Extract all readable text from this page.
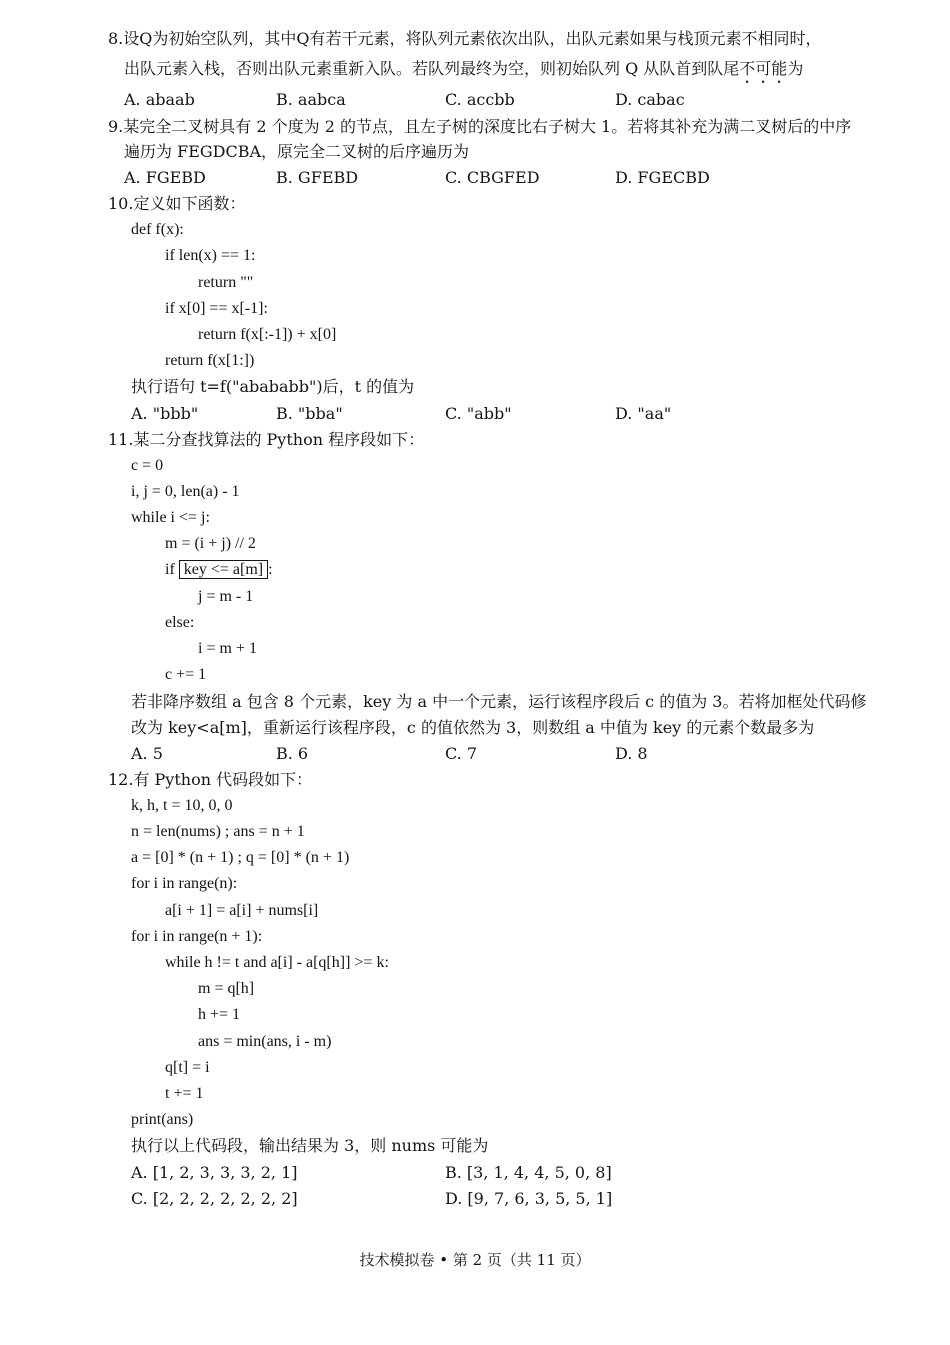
8.设Q为初始空队列，其中Q有若干元素，将队列元素依次出队，出队元素如果与栈顶元素不相同时，
出队元素入栈，否则出队元素重新入队。若队列最终为空，则初始队列 Q 从队首到队尾不可能为
A. abaab	B. aabca	C. accbb	D. cabac
9.某完全二叉树具有 2 个度为 2 的节点，且左子树的深度比右子树大 1。若将其补充为满二叉树后的中序
遍历为 FEGDCBA，原完全二叉树的后序遍历为
A. FGEBD	B. GFEBD	C. CBGFED	D. FGECBD
10.定义如下函数：
def f(x):
if len(x) == 1:
return ""
if x[0] == x[-1]:
return f(x[:-1]) + x[0]
return f(x[1:])
执行语句 t=f("abababb")后，t 的值为
A. "bbb"	B. "bba"	C. "abb"	D. "aa"
11.某二分查找算法的 Python 程序段如下：
c = 0
i, j = 0, len(a) - 1
while i <= j:
m = (i + j) // 2
if key <= a[m] :
j = m - 1
else:
i = m + 1
c += 1
若非降序数组 a 包含 8 个元素，key 为 a 中一个元素，运行该程序段后 c 的值为 3。若将加框处代码修
改为 key<a[m]，重新运行该程序段，c 的值依然为 3，则数组 a 中值为 key 的元素个数最多为
A. 5	B. 6	C. 7	D. 8
12.有 Python 代码段如下：
k, h, t = 10, 0, 0
n = len(nums) ; ans = n + 1
a = [0] * (n + 1) ; q = [0] * (n + 1)
for i in range(n):
a[i + 1] = a[i] + nums[i]
for i in range(n + 1):
while h != t and a[i] - a[q[h]] >= k:
m = q[h]
h += 1
ans = min(ans, i - m)
q[t] = i
t += 1
print(ans)
执行以上代码段，输出结果为 3，则 nums 可能为
A. [1, 2, 3, 3, 3, 2, 1]	B. [3, 1, 4, 4, 5, 0, 8]
C. [2, 2, 2, 2, 2, 2, 2]	D. [9, 7, 6, 3, 5, 5, 1]
技术模拟卷 • 第 2 页（共 11 页）
